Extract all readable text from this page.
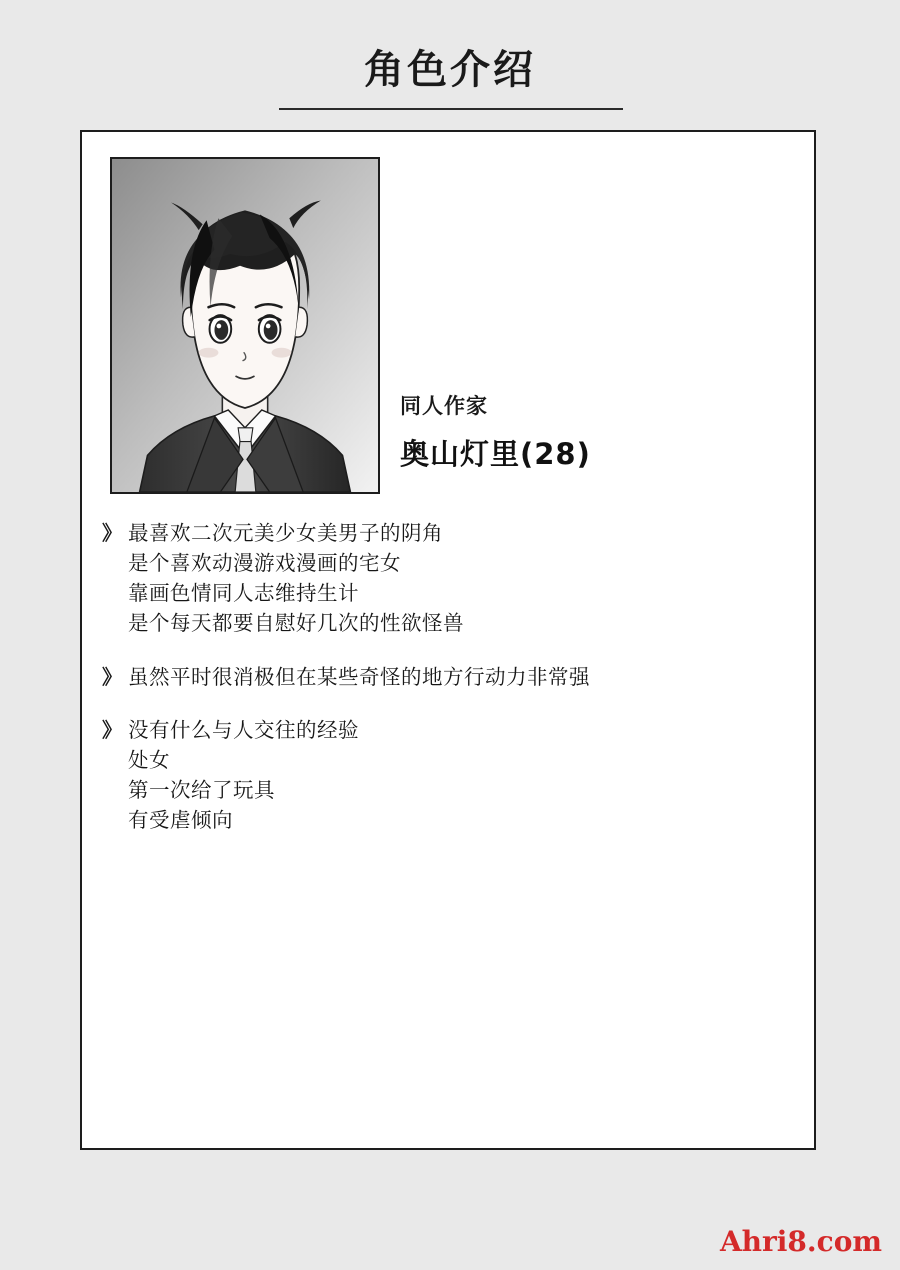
角色介绍
同人作家
奥山灯里(28)
》 最喜欢二次元美少女美男子的阴角
是个喜欢动漫游戏漫画的宅女
靠画色情同人志维持生计
是个每天都要自慰好几次的性欲怪兽
》 虽然平时很消极但在某些奇怪的地方行动力非常强
》 没有什么与人交往的经验
处女
第一次给了玩具
有受虐倾向
Ahri8.com
